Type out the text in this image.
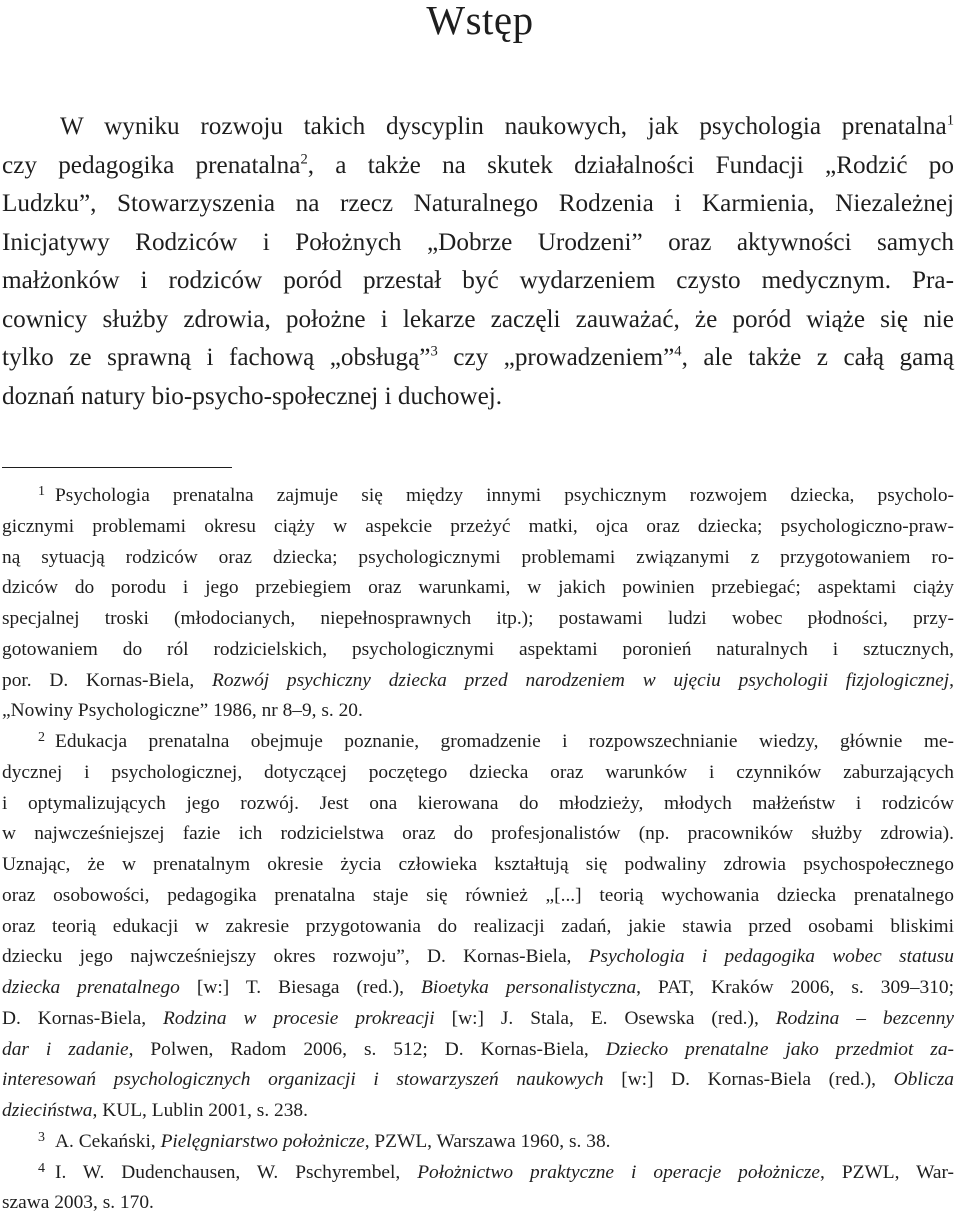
Wstęp
W wyniku rozwoju takich dyscyplin naukowych, jak psychologia prenatalna$^1$
czy pedagogika prenatalna$^2$, a także na skutek działalności Fundacji „Rodzić po
Ludzku”, Stowarzyszenia na rzecz Naturalnego Rodzenia i Karmienia, Niezależnej
Inicjatywy Rodziców i Położnych „Dobrze Urodzeni” oraz aktywności samych
małżonków i rodziców poród przestał być wydarzeniem czysto medycznym. Pra-
cownicy służby zdrowia, położne i lekarze zaczęli zauważać, że poród wiąże się nie
tylko ze sprawną i fachową „obsługą”$^3$ czy „prowadzeniem”$^4$, ale także z całą gamą
doznań natury bio-psycho-społecznej i duchowej.
$^1$ Psychologia prenatalna zajmuje się między innymi psychicznym rozwojem dziecka, psycholo-
gicznymi problemami okresu ciąży w aspekcie przeżyć matki, ojca oraz dziecka; psychologiczno-praw-
ną sytuacją rodziców oraz dziecka; psychologicznymi problemami związanymi z przygotowaniem ro-
dziców do porodu i jego przebiegiem oraz warunkami, w jakich powinien przebiegać; aspektami ciąży
specjalnej troski (młodocianych, niepełnosprawnych itp.); postawami ludzi wobec płodności, przy-
gotowaniem do ról rodzicielskich, psychologicznymi aspektami poronień naturalnych i sztucznych,
por. D. Kornas-Biela, Rozwój psychiczny dziecka przed narodzeniem w ujęciu psychologii fizjologicznej,
„Nowiny Psychologiczne” 1986, nr 8–9, s. 20.
$^2$ Edukacja prenatalna obejmuje poznanie, gromadzenie i rozpowszechnianie wiedzy, głównie me-
dycznej i psychologicznej, dotyczącej poczętego dziecka oraz warunków i czynników zaburzających
i optymalizujących jego rozwój. Jest ona kierowana do młodzieży, młodych małżeństw i rodziców
w najwcześniejszej fazie ich rodzicielstwa oraz do profesjonalistów (np. pracowników służby zdrowia).
Uznając, że w prenatalnym okresie życia człowieka kształtują się podwaliny zdrowia psychospołecznego
oraz osobowości, pedagogika prenatalna staje się również „[...] teorią wychowania dziecka prenatalnego
oraz teorią edukacji w zakresie przygotowania do realizacji zadań, jakie stawia przed osobami bliskimi
dziecku jego najwcześniejszy okres rozwoju”, D. Kornas-Biela, Psychologia i pedagogika wobec statusu
dziecka prenatalnego [w:] T. Biesaga (red.), Bioetyka personalistyczna, PAT, Kraków 2006, s. 309–310;
D. Kornas-Biela, Rodzina w procesie prokreacji [w:] J. Stala, E. Osewska (red.), Rodzina – bezcenny
dar i zadanie, Polwen, Radom 2006, s. 512; D. Kornas-Biela, Dziecko prenatalne jako przedmiot za-
interesowań psychologicznych organizacji i stowarzyszeń naukowych [w:] D. Kornas-Biela (red.), Oblicza
dzieciństwa, KUL, Lublin 2001, s. 238.
$^3$ A. Cekański, Pielęgniarstwo położnicze, PZWL, Warszawa 1960, s. 38.
$^4$ I. W. Dudenchausen, W. Pschyrembel, Położnictwo praktyczne i operacje położnicze, PZWL, War-
szawa 2003, s. 170.
